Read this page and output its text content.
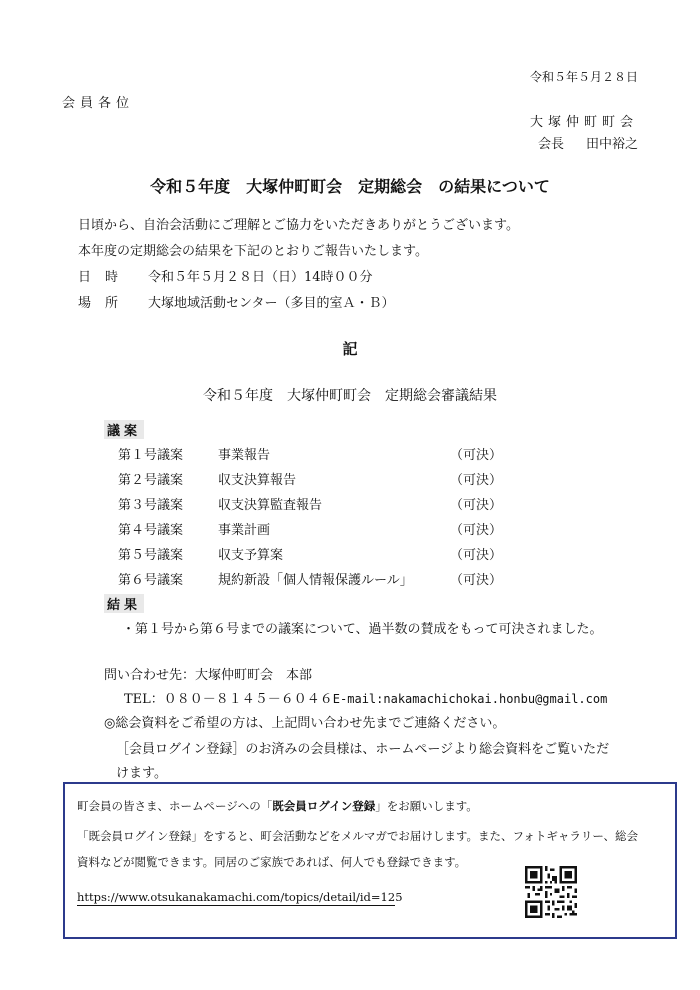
令和５年５月２８日
会員各位
大塚仲町町会
会長 田中裕之
令和５年度　大塚仲町町会　定期総会　の結果について
日頃から、自治会活動にご理解とご協力をいただきありがとうございます。
本年度の定期総会の結果を下記のとおりご報告いたします。
日時 令和５年５月２８日（日）14時００分
場所 大塚地域活動センター（多目的室Ａ・Ｂ）
記
令和５年度　大塚仲町町会　定期総会審議結果
議案
第１号議案	事業報告	（可決）
第２号議案	収支決算報告	（可決）
第３号議案	収支決算監査報告	（可決）
第４号議案	事業計画	（可決）
第５号議案	収支予算案	（可決）
第６号議案	規約新設「個人情報保護ルール」	（可決）
結果
・第１号から第６号までの議案について、過半数の賛成をもって可決されました。
問い合わせ先：大塚仲町町会　本部
TEL：０８０－８１４５－６０４６E-mail:nakamachichokai.honbu@gmail.com
◎総会資料をご希望の方は、上記問い合わせ先までご連絡ください。
［会員ログイン登録］のお済みの会員様は、ホームページより総会資料をご覧いただ
けます。
町会員の皆さま、ホームページへの「既会員ログイン登録」をお願いします。
「既会員ログイン登録」をすると、町会活動などをメルマガでお届けします。また、フォトギャラリー、総会
資料などが閲覧できます。同居のご家族であれば、何人でも登録できます。
https://www.otsukanakamachi.com/topics/detail/id=125
